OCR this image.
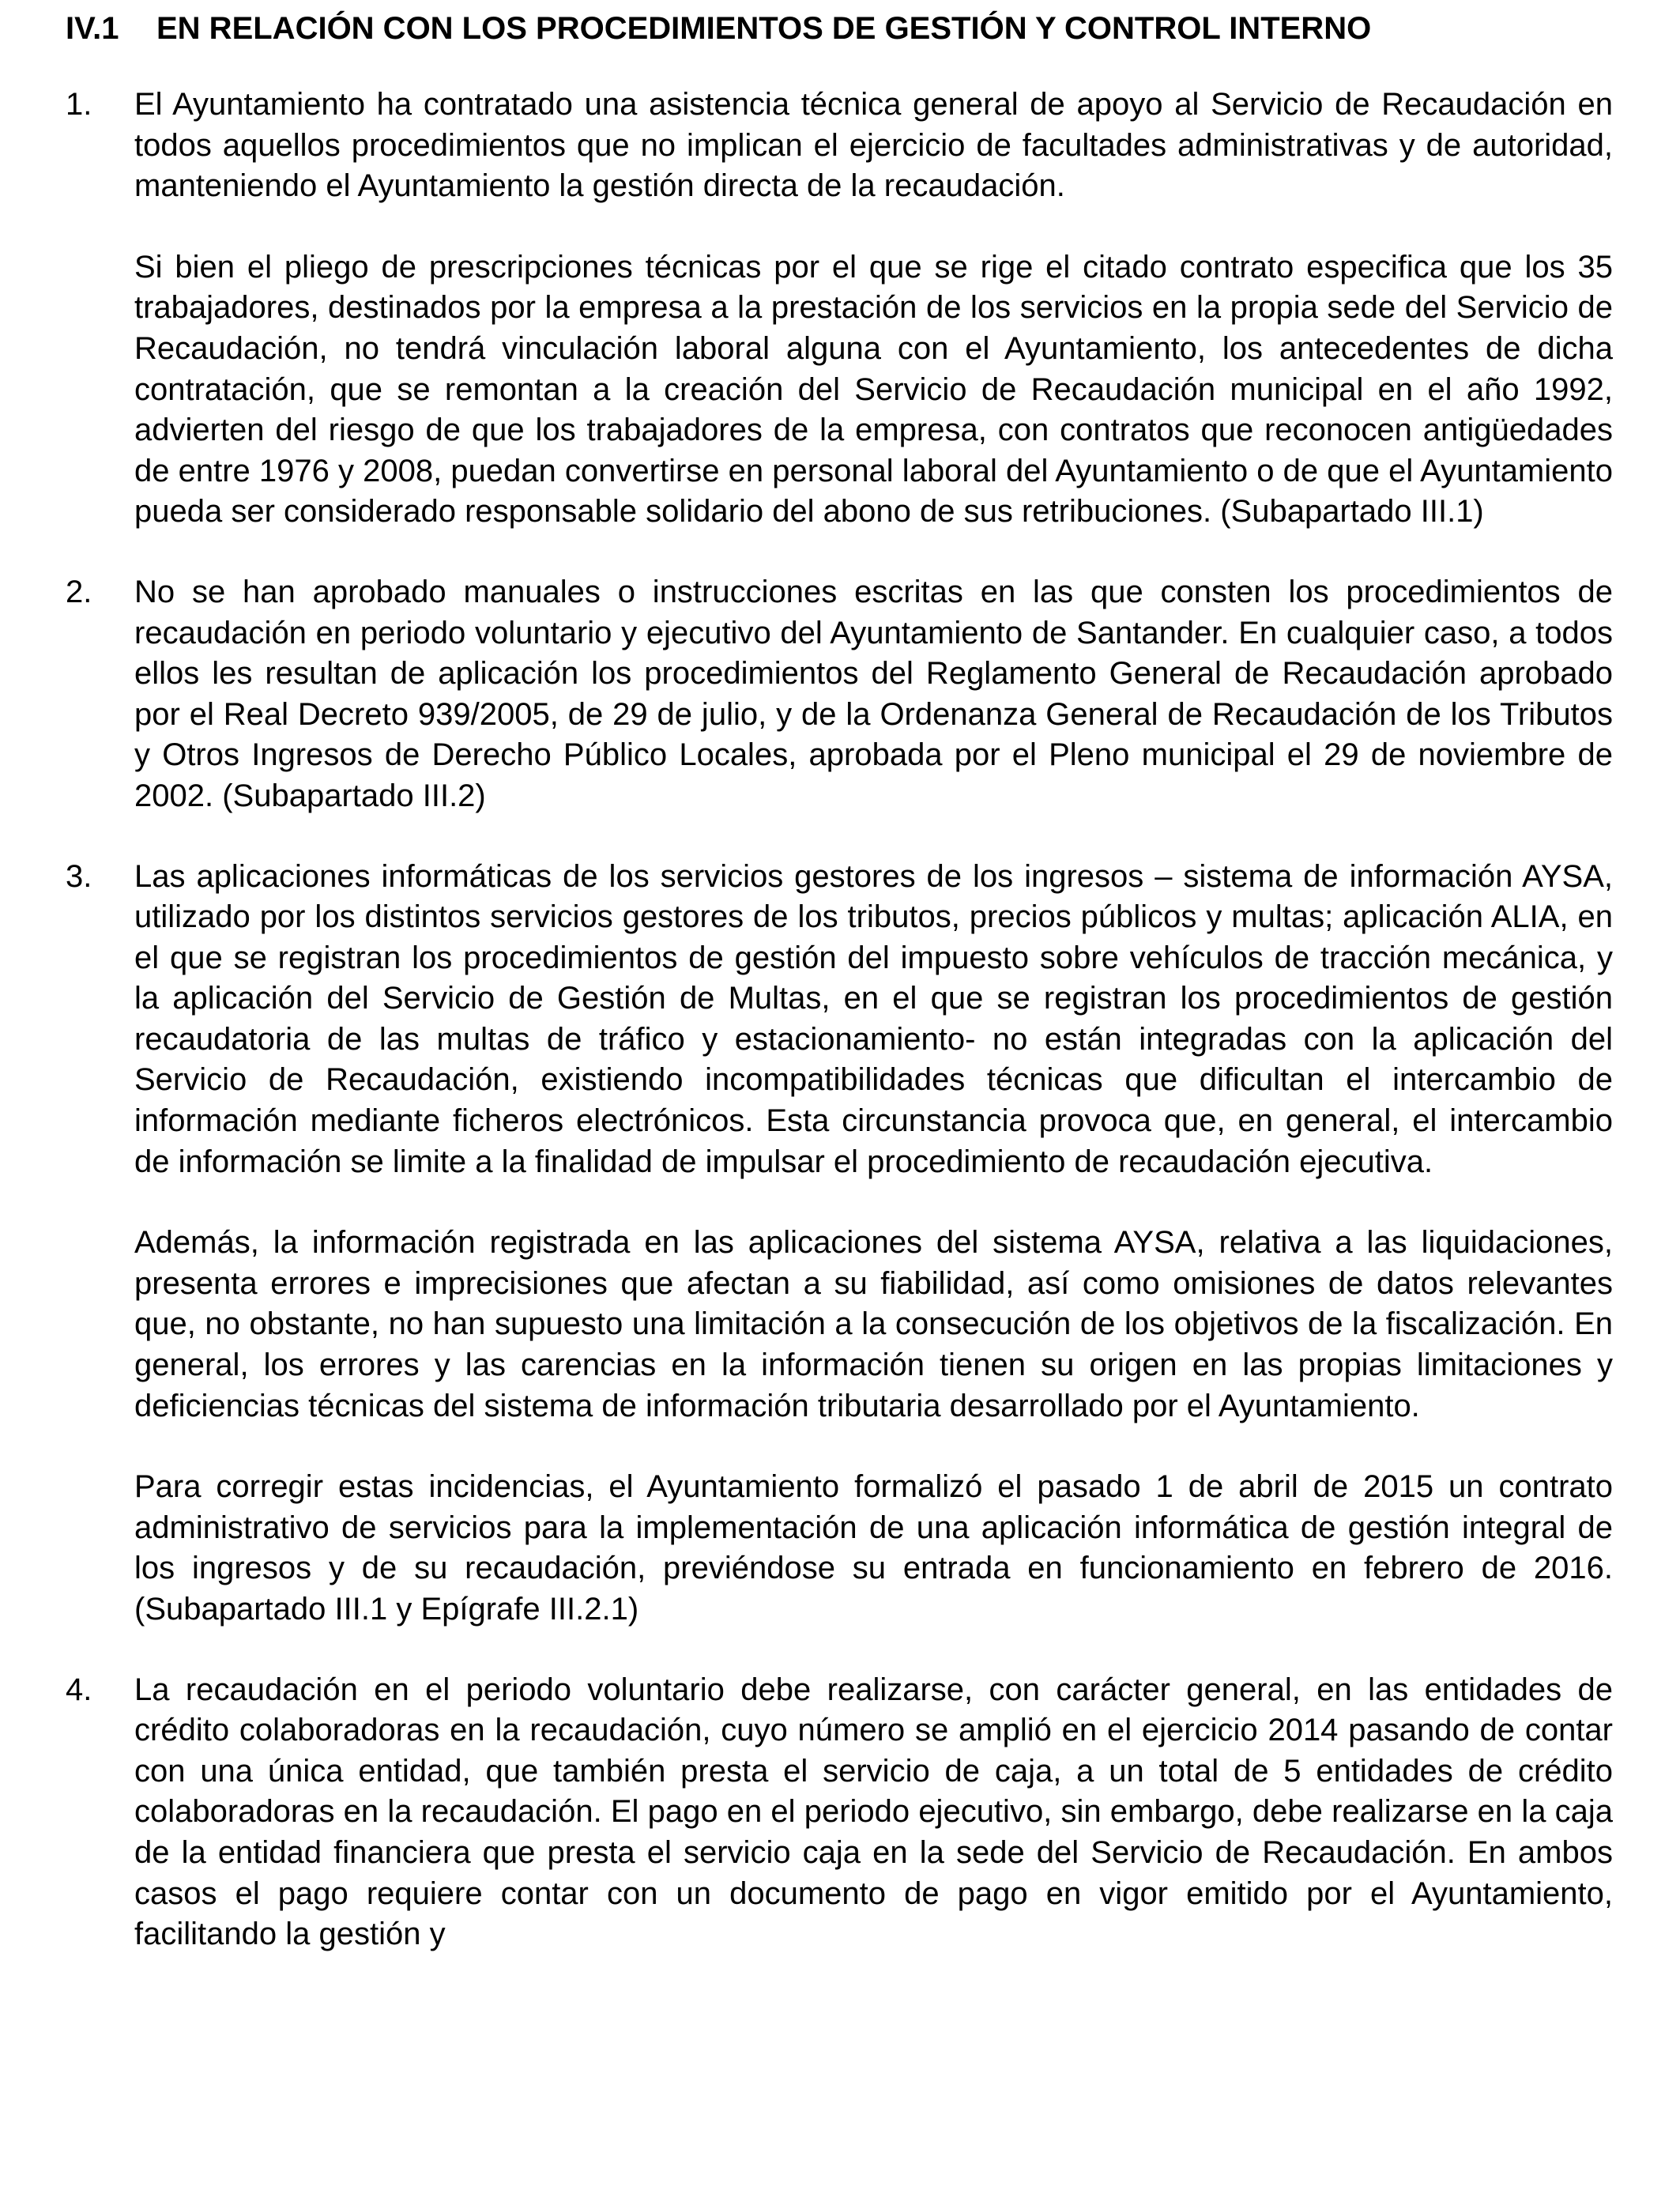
IV.1 EN RELACIÓN CON LOS PROCEDIMIENTOS DE GESTIÓN Y CONTROL INTERNO
1. El Ayuntamiento ha contratado una asistencia técnica general de apoyo al Servicio de Recaudación en todos aquellos procedimientos que no implican el ejercicio de facultades administrativas y de autoridad, manteniendo el Ayuntamiento la gestión directa de la recaudación.

Si bien el pliego de prescripciones técnicas por el que se rige el citado contrato especifica que los 35 trabajadores, destinados por la empresa a la prestación de los servicios en la propia sede del Servicio de Recaudación, no tendrá vinculación laboral alguna con el Ayuntamiento, los antecedentes de dicha contratación, que se remontan a la creación del Servicio de Recaudación municipal en el año 1992, advierten del riesgo de que los trabajadores de la empresa, con contratos que reconocen antigüedades de entre 1976 y 2008, puedan convertirse en personal laboral del Ayuntamiento o de que el Ayuntamiento pueda ser considerado responsable solidario del abono de sus retribuciones. (Subapartado III.1)

2. No se han aprobado manuales o instrucciones escritas en las que consten los procedimientos de recaudación en periodo voluntario y ejecutivo del Ayuntamiento de Santander. En cualquier caso, a todos ellos les resultan de aplicación los procedimientos del Reglamento General de Recaudación aprobado por el Real Decreto 939/2005, de 29 de julio, y de la Ordenanza General de Recaudación de los Tributos y Otros Ingresos de Derecho Público Locales, aprobada por el Pleno municipal el 29 de noviembre de 2002. (Subapartado III.2)

3. Las aplicaciones informáticas de los servicios gestores de los ingresos – sistema de información AYSA, utilizado por los distintos servicios gestores de los tributos, precios públicos y multas; aplicación ALIA, en el que se registran los procedimientos de gestión del impuesto sobre vehículos de tracción mecánica, y la aplicación del Servicio de Gestión de Multas, en el que se registran los procedimientos de gestión recaudatoria de las multas de tráfico y estacionamiento- no están integradas con la aplicación del Servicio de Recaudación, existiendo incompatibilidades técnicas que dificultan el intercambio de información mediante ficheros electrónicos. Esta circunstancia provoca que, en general, el intercambio de información se limite a la finalidad de impulsar el procedimiento de recaudación ejecutiva.

Además, la información registrada en las aplicaciones del sistema AYSA, relativa a las liquidaciones, presenta errores e imprecisiones que afectan a su fiabilidad, así como omisiones de datos relevantes que, no obstante, no han supuesto una limitación a la consecución de los objetivos de la fiscalización. En general, los errores y las carencias en la información tienen su origen en las propias limitaciones y deficiencias técnicas del sistema de información tributaria desarrollado por el Ayuntamiento.

Para corregir estas incidencias, el Ayuntamiento formalizó el pasado 1 de abril de 2015 un contrato administrativo de servicios para la implementación de una aplicación informática de gestión integral de los ingresos y de su recaudación, previéndose su entrada en funcionamiento en febrero de 2016. (Subapartado III.1 y Epígrafe III.2.1)

4. La recaudación en el periodo voluntario debe realizarse, con carácter general, en las entidades de crédito colaboradoras en la recaudación, cuyo número se amplió en el ejercicio 2014 pasando de contar con una única entidad, que también presta el servicio de caja, a un total de 5 entidades de crédito colaboradoras en la recaudación. El pago en el periodo ejecutivo, sin embargo, debe realizarse en la caja de la entidad financiera que presta el servicio caja en la sede del Servicio de Recaudación. En ambos casos el pago requiere contar con un documento de pago en vigor emitido por el Ayuntamiento, facilitando la gestión y
